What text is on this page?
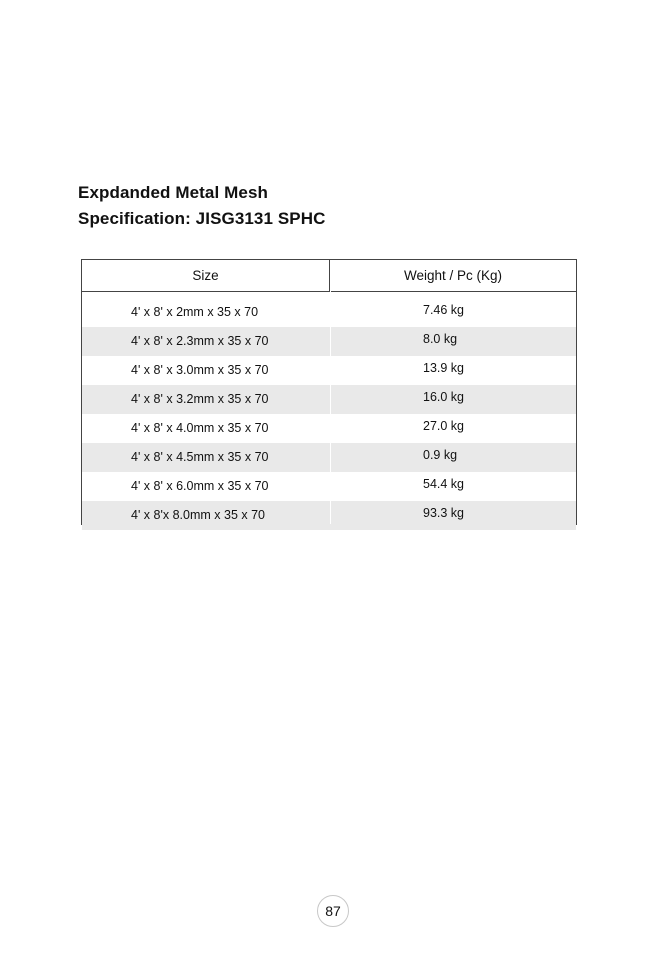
Expdanded Metal Mesh
Specification: JISG3131 SPHC
Size	Weight / Pc (Kg)
4' x 8' x 2mm x 35 x 70	7.46 kg
4' x 8' x 2.3mm x 35 x 70	8.0 kg
4' x 8' x 3.0mm x 35 x 70	13.9 kg
4' x 8' x 3.2mm x 35 x 70	16.0 kg
4' x 8' x 4.0mm x 35 x 70	27.0 kg
4' x 8' x 4.5mm x 35 x 70	0.9 kg
4' x 8' x 6.0mm x 35 x 70	54.4 kg
4' x 8'x 8.0mm x 35 x 70	93.3 kg
87
